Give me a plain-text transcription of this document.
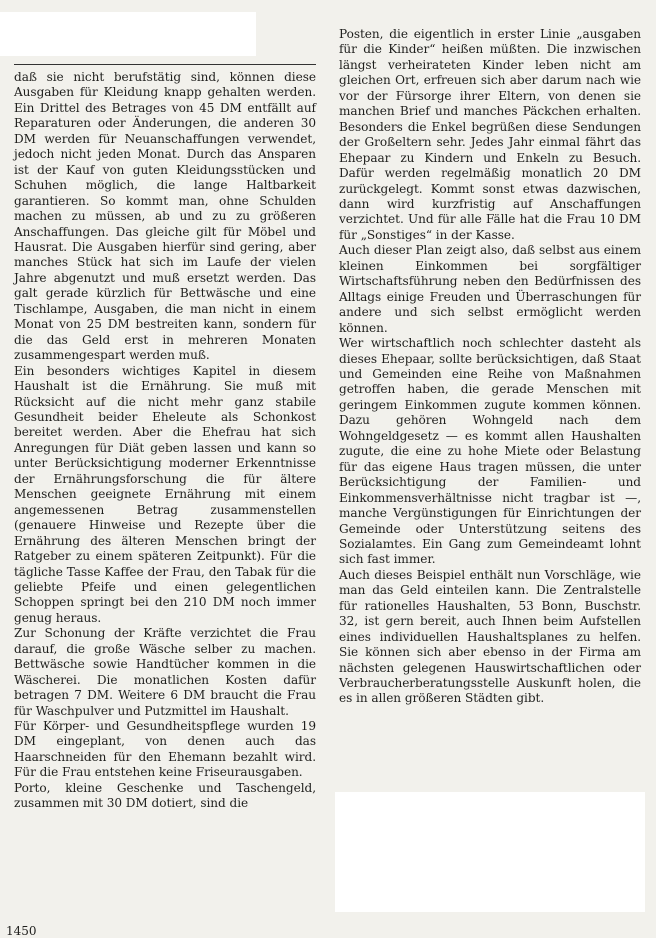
daß sie nicht berufstätig sind, können diese Ausgaben für Kleidung knapp gehalten werden. Ein Drittel des Betrages von 45 DM entfällt auf Reparaturen oder Änderungen, die anderen 30 DM werden für Neuanschaffungen verwendet, jedoch nicht jeden Monat. Durch das Ansparen ist der Kauf von guten Kleidungsstücken und Schuhen möglich, die lange Haltbarkeit garantieren. So kommt man, ohne Schulden machen zu müssen, ab und zu zu größeren Anschaffungen. Das gleiche gilt für Möbel und Hausrat. Die Ausgaben hierfür sind gering, aber manches Stück hat sich im Laufe der vielen Jahre abgenutzt und muß ersetzt werden. Das galt gerade kürzlich für Bettwäsche und eine Tischlampe, Ausgaben, die man nicht in einem Monat von 25 DM bestreiten kann, sondern für die das Geld erst in mehreren Monaten zusammengespart werden muß.

Ein besonders wichtiges Kapitel in diesem Haushalt ist die Ernährung. Sie muß mit Rücksicht auf die nicht mehr ganz stabile Gesundheit beider Eheleute als Schonkost bereitet werden. Aber die Ehefrau hat sich Anregungen für Diät geben lassen und kann so unter Berücksichtigung moderner Erkenntnisse der Ernährungsforschung die für ältere Menschen geeignete Ernährung mit einem angemessenen Betrag zusammenstellen (genauere Hinweise und Rezepte über die Ernährung des älteren Menschen bringt der Ratgeber zu einem späteren Zeitpunkt). Für die tägliche Tasse Kaffee der Frau, den Tabak für die geliebte Pfeife und einen gelegentlichen Schoppen springt bei den 210 DM noch immer genug heraus.

Zur Schonung der Kräfte verzichtet die Frau darauf, die große Wäsche selber zu machen. Bettwäsche sowie Handtücher kommen in die Wäscherei. Die monatlichen Kosten dafür betragen 7 DM. Weitere 6 DM braucht die Frau für Waschpulver und Putzmittel im Haushalt.

Für Körper- und Gesundheitspflege wurden 19 DM eingeplant, von denen auch das Haarschneiden für den Ehemann bezahlt wird. Für die Frau entstehen keine Friseurausgaben.

Porto, kleine Geschenke und Taschengeld, zusammen mit 30 DM dotiert, sind die

Posten, die eigentlich in erster Linie „ausgaben für die Kinder“ heißen müßten. Die inzwischen längst verheirateten Kinder leben nicht am gleichen Ort, erfreuen sich aber darum nach wie vor der Fürsorge ihrer Eltern, von denen sie manchen Brief und manches Päckchen erhalten. Besonders die Enkel begrüßen diese Sendungen der Großeltern sehr. Jedes Jahr einmal fährt das Ehepaar zu Kindern und Enkeln zu Besuch. Dafür werden regelmäßig monatlich 20 DM zurückgelegt. Kommt sonst etwas dazwischen, dann wird kurzfristig auf Anschaffungen verzichtet. Und für alle Fälle hat die Frau 10 DM für „Sonstiges“ in der Kasse.

Auch dieser Plan zeigt also, daß selbst aus einem kleinen Einkommen bei sorgfältiger Wirtschaftsführung neben den Bedürfnissen des Alltags einige Freuden und Überraschungen für andere und sich selbst ermöglicht werden können.

Wer wirtschaftlich noch schlechter dasteht als dieses Ehepaar, sollte berücksichtigen, daß Staat und Gemeinden eine Reihe von Maßnahmen getroffen haben, die gerade Menschen mit geringem Einkommen zugute kommen können. Dazu gehören Wohngeld nach dem Wohngeldgesetz — es kommt allen Haushalten zugute, die eine zu hohe Miete oder Belastung für das eigene Haus tragen müssen, die unter Berücksichtigung der Familien- und Einkommensverhältnisse nicht tragbar ist —, manche Vergünstigungen für Einrichtungen der Gemeinde oder Unterstützung seitens des Sozialamtes. Ein Gang zum Gemeindeamt lohnt sich fast immer.

Auch dieses Beispiel enthält nun Vorschläge, wie man das Geld einteilen kann. Die Zentralstelle für rationelles Haushalten, 53 Bonn, Buschstr. 32, ist gern bereit, auch Ihnen beim Aufstellen eines individuellen Haushaltsplanes zu helfen. Sie können sich aber ebenso in der Firma am nächsten gelegenen Hauswirtschaftlichen oder Verbraucherberatungsstelle Auskunft holen, die es in allen größeren Städten gibt.

1450
